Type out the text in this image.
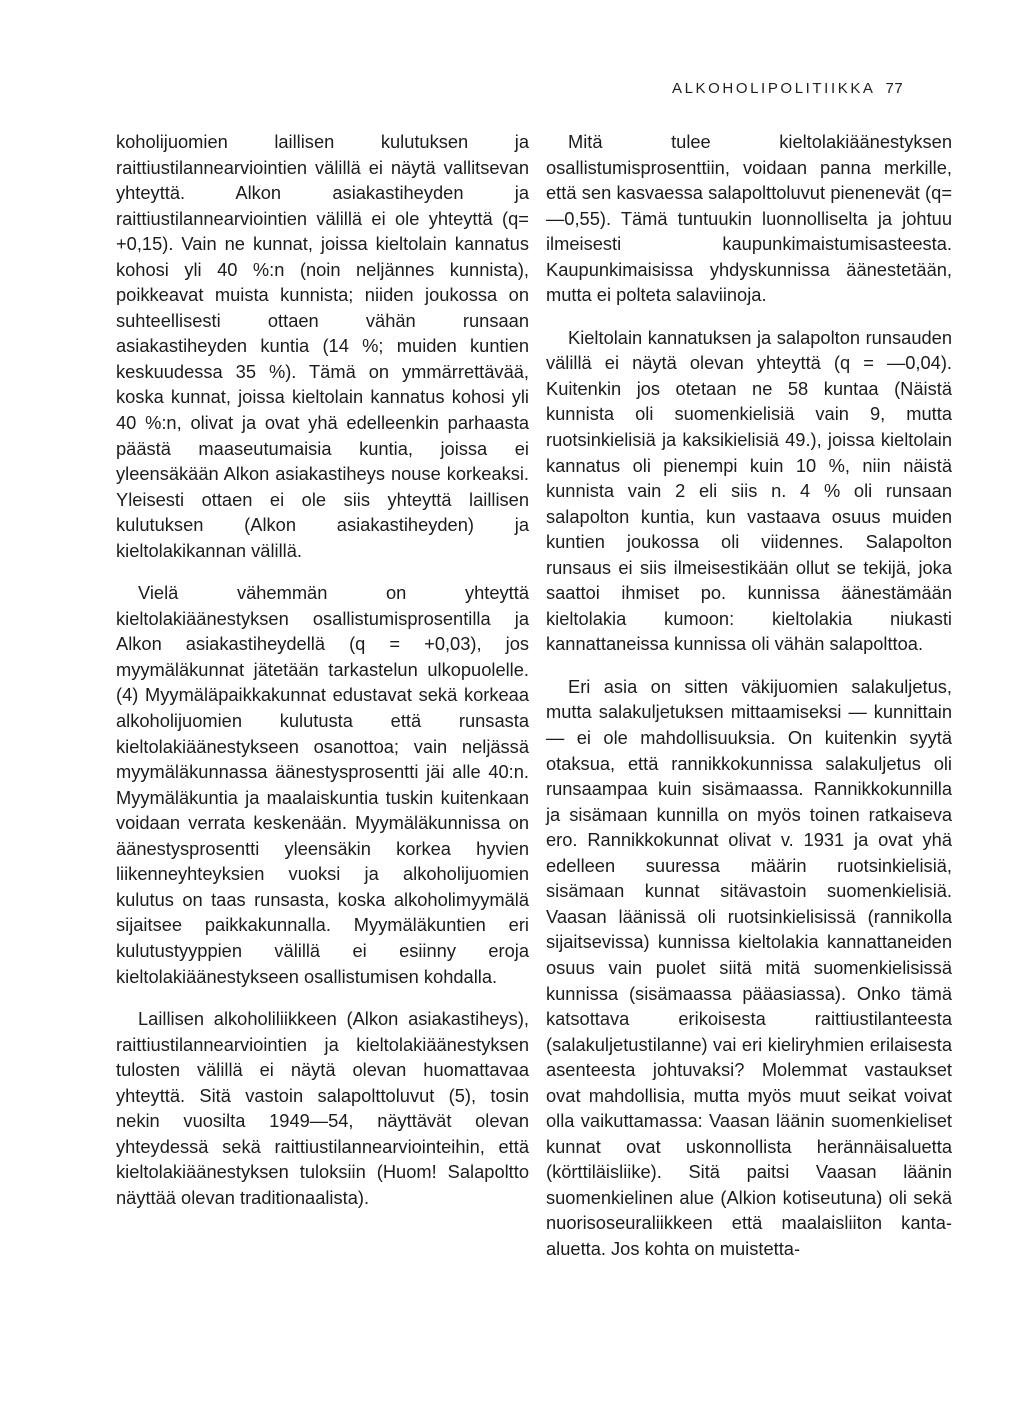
ALKOHOLIPOLITIIKKA 77

koholijuomien laillisen kulutuksen ja raittiustilannearviointien välillä ei näytä vallitsevan yhteyttä. Alkon asiakastiheyden ja raittiustilannearviointien välillä ei ole yhteyttä (q= +0,15). Vain ne kunnat, joissa kieltolain kannatus kohosi yli 40 %:n (noin neljännes kunnista), poikkeavat muista kunnista; niiden joukossa on suhteellisesti ottaen vähän runsaan asiakastiheyden kuntia (14 %; muiden kuntien keskuudessa 35 %). Tämä on ymmärrettävää, koska kunnat, joissa kieltolain kannatus kohosi yli 40 %:n, olivat ja ovat yhä edelleenkin parhaasta päästä maaseutumaisia kuntia, joissa ei yleensäkään Alkon asiakastiheys nouse korkeaksi. Yleisesti ottaen ei ole siis yhteyttä laillisen kulutuksen (Alkon asiakastiheyden) ja kieltolakikannan välillä.

Vielä vähemmän on yhteyttä kieltolakiäänestyksen osallistumisprosentilla ja Alkon asiakastiheydellä (q = +0,03), jos myymäläkunnat jätetään tarkastelun ulkopuolelle.(4) Myymäläpaikkakunnat edustavat sekä korkeaa alkoholijuomien kulutusta että runsasta kieltolakiäänestykseen osanottoa; vain neljässä myymäläkunnassa äänestysprosentti jäi alle 40:n. Myymäläkuntia ja maalaiskuntia tuskin kuitenkaan voidaan verrata keskenään. Myymäläkunnissa on äänestysprosentti yleensäkin korkea hyvien liikenneyhteyksien vuoksi ja alkoholijuomien kulutus on taas runsasta, koska alkoholimyymälä sijaitsee paikkakunnalla. Myymäläkuntien eri kulutustyyppien välillä ei esiinny eroja kieltolakiäänestykseen osallistumisen kohdalla.

Laillisen alkoholiliikkeen (Alkon asiakastiheys), raittiustilannearviointien ja kieltolakiäänestyksen tulosten välillä ei näytä olevan huomattavaa yhteyttä. Sitä vastoin salapolttoluvut (5), tosin nekin vuosilta 1949—54, näyttävät olevan yhteydessä sekä raittiustilannearviointeihin, että kieltolakiäänestyksen tuloksiin (Huom! Salapoltto näyttää olevan traditionaalista).

Mitä tulee kieltolakiäänestyksen osallistumisprosenttiin, voidaan panna merkille, että sen kasvaessa salapolttoluvut pienenevät (q=—0,55). Tämä tuntuukin luonnolliselta ja johtuu ilmeisesti kaupunkimaistumisasteesta. Kaupunkimaisissa yhdyskunnissa äänestetään, mutta ei polteta salaviinoja.

Kieltolain kannatuksen ja salapolton runsauden välillä ei näytä olevan yhteyttä (q = —0,04). Kuitenkin jos otetaan ne 58 kuntaa (Näistä kunnista oli suomenkielisiä vain 9, mutta ruotsinkielisiä ja kaksikielisiä 49.), joissa kieltolain kannatus oli pienempi kuin 10 %, niin näistä kunnista vain 2 eli siis n. 4 % oli runsaan salapolton kuntia, kun vastaava osuus muiden kuntien joukossa oli viidennes. Salapolton runsaus ei siis ilmeisestikään ollut se tekijä, joka saattoi ihmiset po. kunnissa äänestämään kieltolakia kumoon: kieltolakia niukasti kannattaneissa kunnissa oli vähän salapolttoa.

Eri asia on sitten väkijuomien salakuljetus, mutta salakuljetuksen mittaamiseksi — kunnittain — ei ole mahdollisuuksia. On kuitenkin syytä otaksua, että rannikkokunnissa salakuljetus oli runsaampaa kuin sisämaassa. Rannikkokunnilla ja sisämaan kunnilla on myös toinen ratkaiseva ero. Rannikkokunnat olivat v. 1931 ja ovat yhä edelleen suuressa määrin ruotsinkielisiä, sisämaan kunnat sitävastoin suomenkielisiä. Vaasan läänissä oli ruotsinkielisissä (rannikolla sijaitsevissa) kunnissa kieltolakia kannattaneiden osuus vain puolet siitä mitä suomenkielisissä kunnissa (sisämaassa pääasiassa). Onko tämä katsottava erikoisesta raittiustilanteesta (salakuljetustilanne) vai eri kieliryhmien erilaisesta asenteesta johtuvaksi? Molemmat vastaukset ovat mahdollisia, mutta myös muut seikat voivat olla vaikuttamassa: Vaasan läänin suomenkieliset kunnat ovat uskonnollista herännäisaluetta (körttiläisliike). Sitä paitsi Vaasan läänin suomenkielinen alue (Alkion kotiseutuna) oli sekä nuorisoseuraliikkeen että maalaisliiton kanta-aluetta. Jos kohta on muistetta-
